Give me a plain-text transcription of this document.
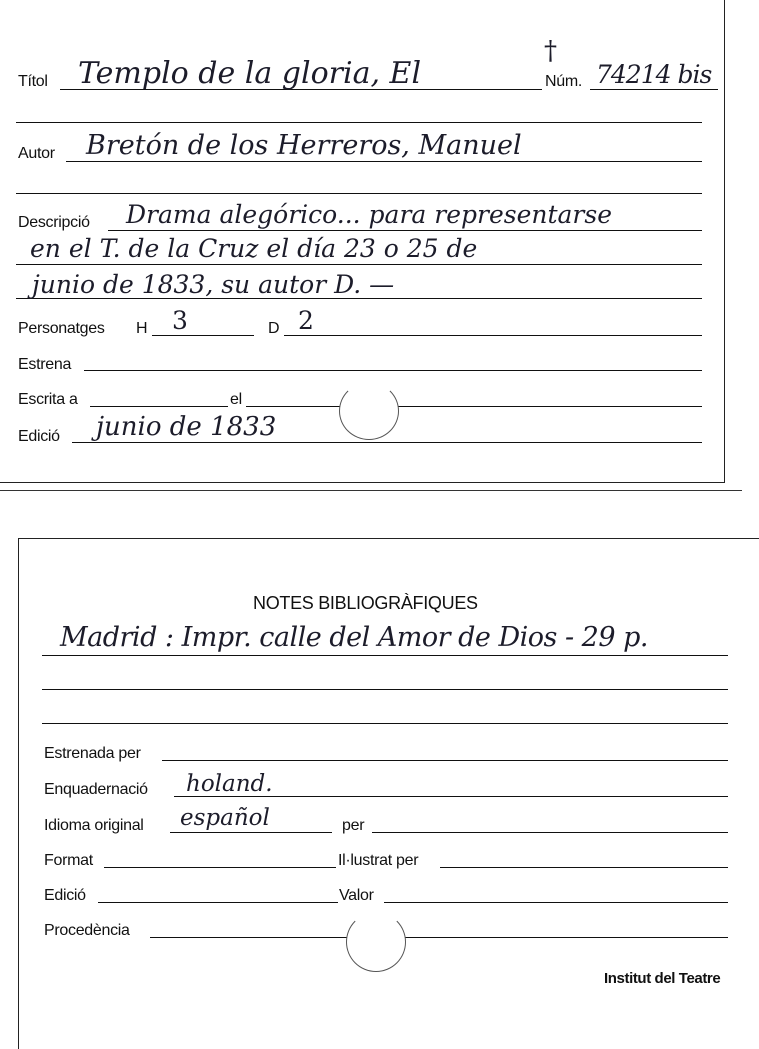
Títol Templo de la gloria, El
†
Núm. 74214 bis
Autor Bretón de los Herreros, Manuel
Descripció Drama alegórico... para representarse
en el T. de la Cruz el día 23 o 25 de
junio de 1833, su autor D. —
Personatges H 3	D 2
Estrena
Escrita a	el
Edició junio de 1833
NOTES BIBLIOGRÀFIQUES
Madrid : Impr. calle del Amor de Dios - 29 p.
Estrenada per
Enquadernació holand.
Idioma original español	per
Format	Il·lustrat per
Edició	Valor
Procedència
Institut del Teatre
